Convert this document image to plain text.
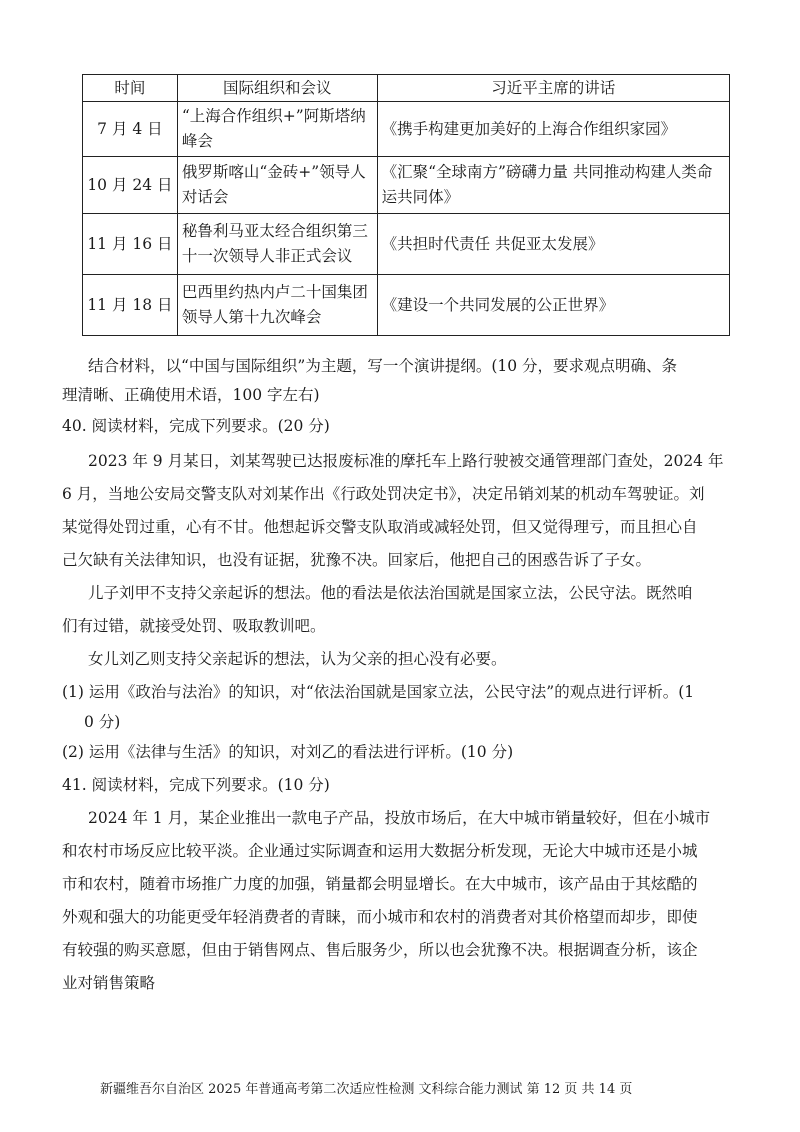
时间	国际组织和会议	习近平主席的讲话
7 月 4 日	“上海合作组织+”阿斯塔纳峰会	《携手构建更加美好的上海合作组织家园》
10 月 24 日	俄罗斯喀山“金砖+”领导人对话会	《汇聚“全球南方”磅礴力量 共同推动构建人类命运共同体》
11 月 16 日	秘鲁利马亚太经合组织第三十一次领导人非正式会议	《共担时代责任 共促亚太发展》
11 月 18 日	巴西里约热内卢二十国集团领导人第十九次峰会	《建设一个共同发展的公正世界》
结合材料，以“中国与国际组织”为主题，写一个演讲提纲。(10 分，要求观点明确、条
理清晰、正确使用术语，100 字左右)
40. 阅读材料，完成下列要求。(20 分)
2023 年 9 月某日，刘某驾驶已达报废标准的摩托车上路行驶被交通管理部门查处，2024 年
6 月，当地公安局交警支队对刘某作出《行政处罚决定书》，决定吊销刘某的机动车驾驶证。刘
某觉得处罚过重，心有不甘。他想起诉交警支队取消或减轻处罚，但又觉得理亏，而且担心自
己欠缺有关法律知识，也没有证据，犹豫不决。回家后，他把自己的困惑告诉了子女。
儿子刘甲不支持父亲起诉的想法。他的看法是依法治国就是国家立法，公民守法。既然咱
们有过错，就接受处罚、吸取教训吧。
女儿刘乙则支持父亲起诉的想法，认为父亲的担心没有必要。
(1) 运用《政治与法治》的知识，对“依法治国就是国家立法，公民守法”的观点进行评析。(1
0 分)
(2) 运用《法律与生活》的知识，对刘乙的看法进行评析。(10 分)
41. 阅读材料，完成下列要求。(10 分)
2024 年 1 月，某企业推出一款电子产品，投放市场后，在大中城市销量较好，但在小城市
和农村市场反应比较平淡。企业通过实际调查和运用大数据分析发现，无论大中城市还是小城
市和农村，随着市场推广力度的加强，销量都会明显增长。在大中城市，该产品由于其炫酷的
外观和强大的功能更受年轻消费者的青睐，而小城市和农村的消费者对其价格望而却步，即使
有较强的购买意愿，但由于销售网点、售后服务少，所以也会犹豫不决。根据调查分析，该企
业对销售策略
新疆维吾尔自治区 2025 年普通高考第二次适应性检测 文科综合能力测试 第 12 页 共 14 页
